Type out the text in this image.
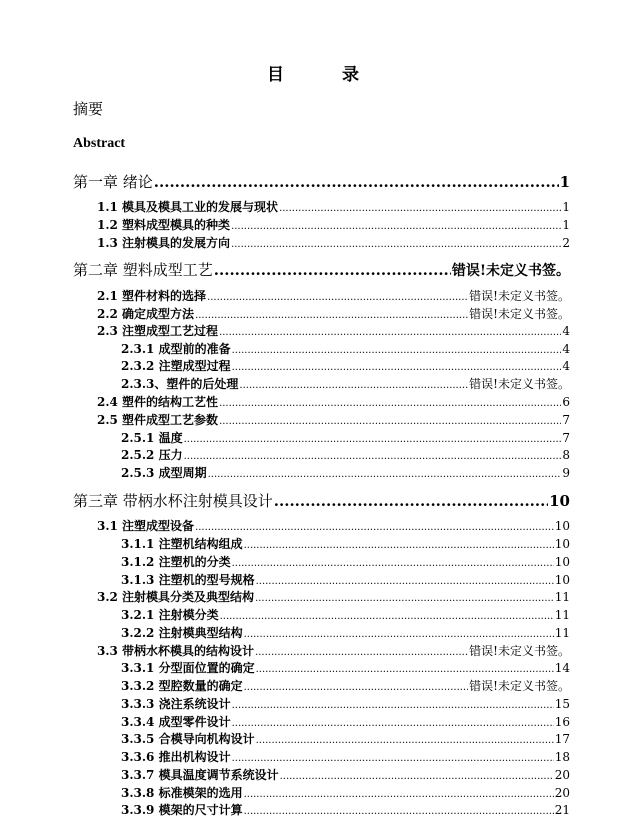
目 录
摘要
Abstract
第一章 绪论 .....	1
1.1 模具及模具工业的发展与现状 .....	1
1.2 塑料成型模具的种类 .....	1
1.3 注射模具的发展方向 .....	2
第二章 塑料成型工艺 .....	错误!未定义书签。
2.1 塑件材料的选择 .....	错误!未定义书签。
2.2 确定成型方法 .....	错误!未定义书签。
2.3 注塑成型工艺过程 .....	4
2.3.1 成型前的准备 .....	4
2.3.2 注塑成型过程 .....	4
2.3.3、塑件的后处理 .....	错误!未定义书签。
2.4 塑件的结构工艺性 .....	6
2.5 塑件成型工艺参数 .....	7
2.5.1 温度 .....	7
2.5.2 压力 .....	8
2.5.3 成型周期 .....	9
第三章 带柄水杯注射模具设计 .....	10
3.1 注塑成型设备 .....	10
3.1.1 注塑机结构组成 .....	10
3.1.2 注塑机的分类 .....	10
3.1.3 注塑机的型号规格 .....	10
3.2 注射模具分类及典型结构 .....	11
3.2.1 注射模分类 .....	11
3.2.2 注射模典型结构 .....	11
3.3 带柄水杯模具的结构设计 .....	错误!未定义书签。
3.3.1 分型面位置的确定 .....	14
3.3.2 型腔数量的确定 .....	错误!未定义书签。
3.3.3 浇注系统设计 .....	15
3.3.4 成型零件设计 .....	16
3.3.5 合模导向机构设计 .....	17
3.3.6 推出机构设计 .....	18
3.3.7 模具温度调节系统设计 .....	20
3.3.8 标准模架的选用 .....	20
3.3.9 模架的尺寸计算 .....	21
